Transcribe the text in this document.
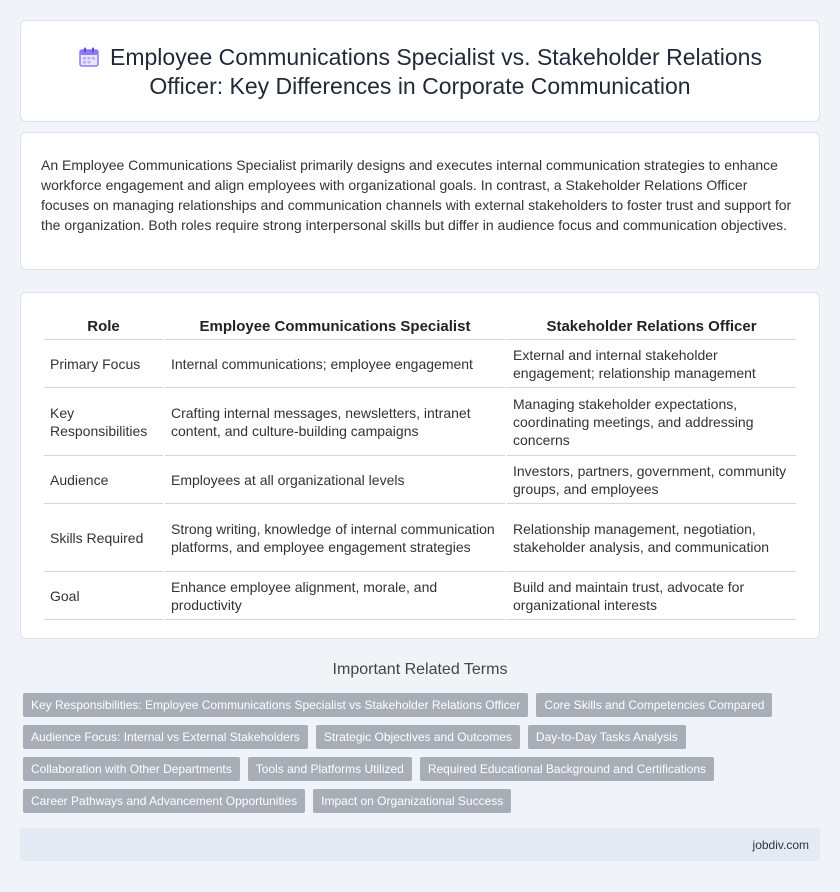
Employee Communications Specialist vs. Stakeholder Relations Officer: Key Differences in Corporate Communication

An Employee Communications Specialist primarily designs and executes internal communication strategies to enhance workforce engagement and align employees with organizational goals. In contrast, a Stakeholder Relations Officer focuses on managing relationships and communication channels with external stakeholders to foster trust and support for the organization. Both roles require strong interpersonal skills but differ in audience focus and communication objectives.

Role	Employee Communications Specialist	Stakeholder Relations Officer
Primary Focus	Internal communications; employee engagement	External and internal stakeholder engagement; relationship management
Key Responsibilities	Crafting internal messages, newsletters, intranet content, and culture-building campaigns	Managing stakeholder expectations, coordinating meetings, and addressing concerns
Audience	Employees at all organizational levels	Investors, partners, government, community groups, and employees
Skills Required	Strong writing, knowledge of internal communication platforms, and employee engagement strategies	Relationship management, negotiation, stakeholder analysis, and communication
Goal	Enhance employee alignment, morale, and productivity	Build and maintain trust, advocate for organizational interests
Important Related Terms
Key Responsibilities: Employee Communications Specialist vs Stakeholder Relations Officer	Core Skills and Competencies Compared
Audience Focus: Internal vs External Stakeholders	Strategic Objectives and Outcomes	Day-to-Day Tasks Analysis
Collaboration with Other Departments	Tools and Platforms Utilized	Required Educational Background and Certifications
Career Pathways and Advancement Opportunities	Impact on Organizational Success
jobdiv.com
